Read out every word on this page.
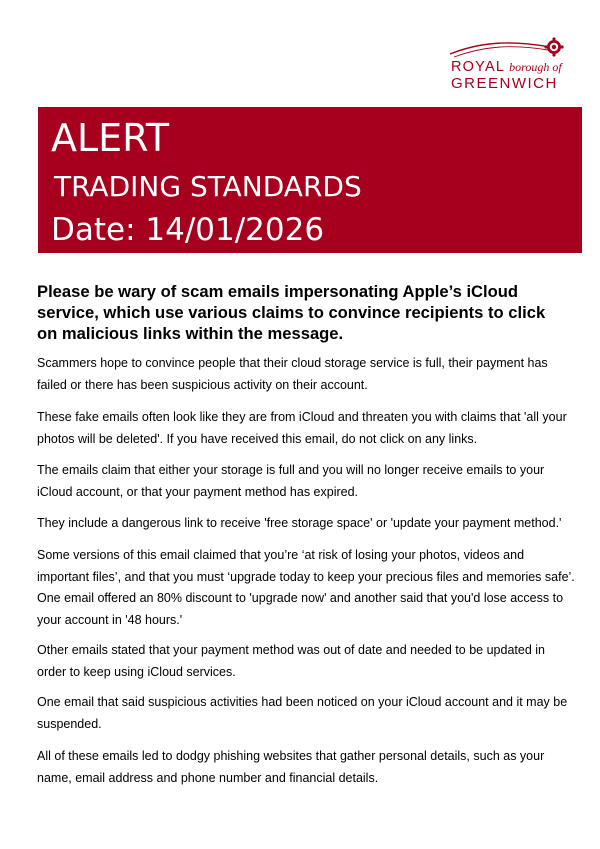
ROYAL borough of
GREENWICH
ALERT
TRADING STANDARDS
Date: 14/01/2026

Please be wary of scam emails impersonating Apple’s iCloud service, which use various claims to convince recipients to click on malicious links within the message.

Scammers hope to convince people that their cloud storage service is full, their payment has failed or there has been suspicious activity on their account.

These fake emails often look like they are from iCloud and threaten you with claims that 'all your photos will be deleted'. If you have received this email, do not click on any links.

The emails claim that either your storage is full and you will no longer receive emails to your iCloud account, or that your payment method has expired.

They include a dangerous link to receive 'free storage space' or 'update your payment method.'

Some versions of this email claimed that you’re ‘at risk of losing your photos, videos and important files’, and that you must ‘upgrade today to keep your precious files and memories safe’. One email offered an 80% discount to 'upgrade now' and another said that you'd lose access to your account in '48 hours.'

Other emails stated that your payment method was out of date and needed to be updated in order to keep using iCloud services.

One email that said suspicious activities had been noticed on your iCloud account and it may be suspended.

All of these emails led to dodgy phishing websites that gather personal details, such as your name, email address and phone number and financial details.
